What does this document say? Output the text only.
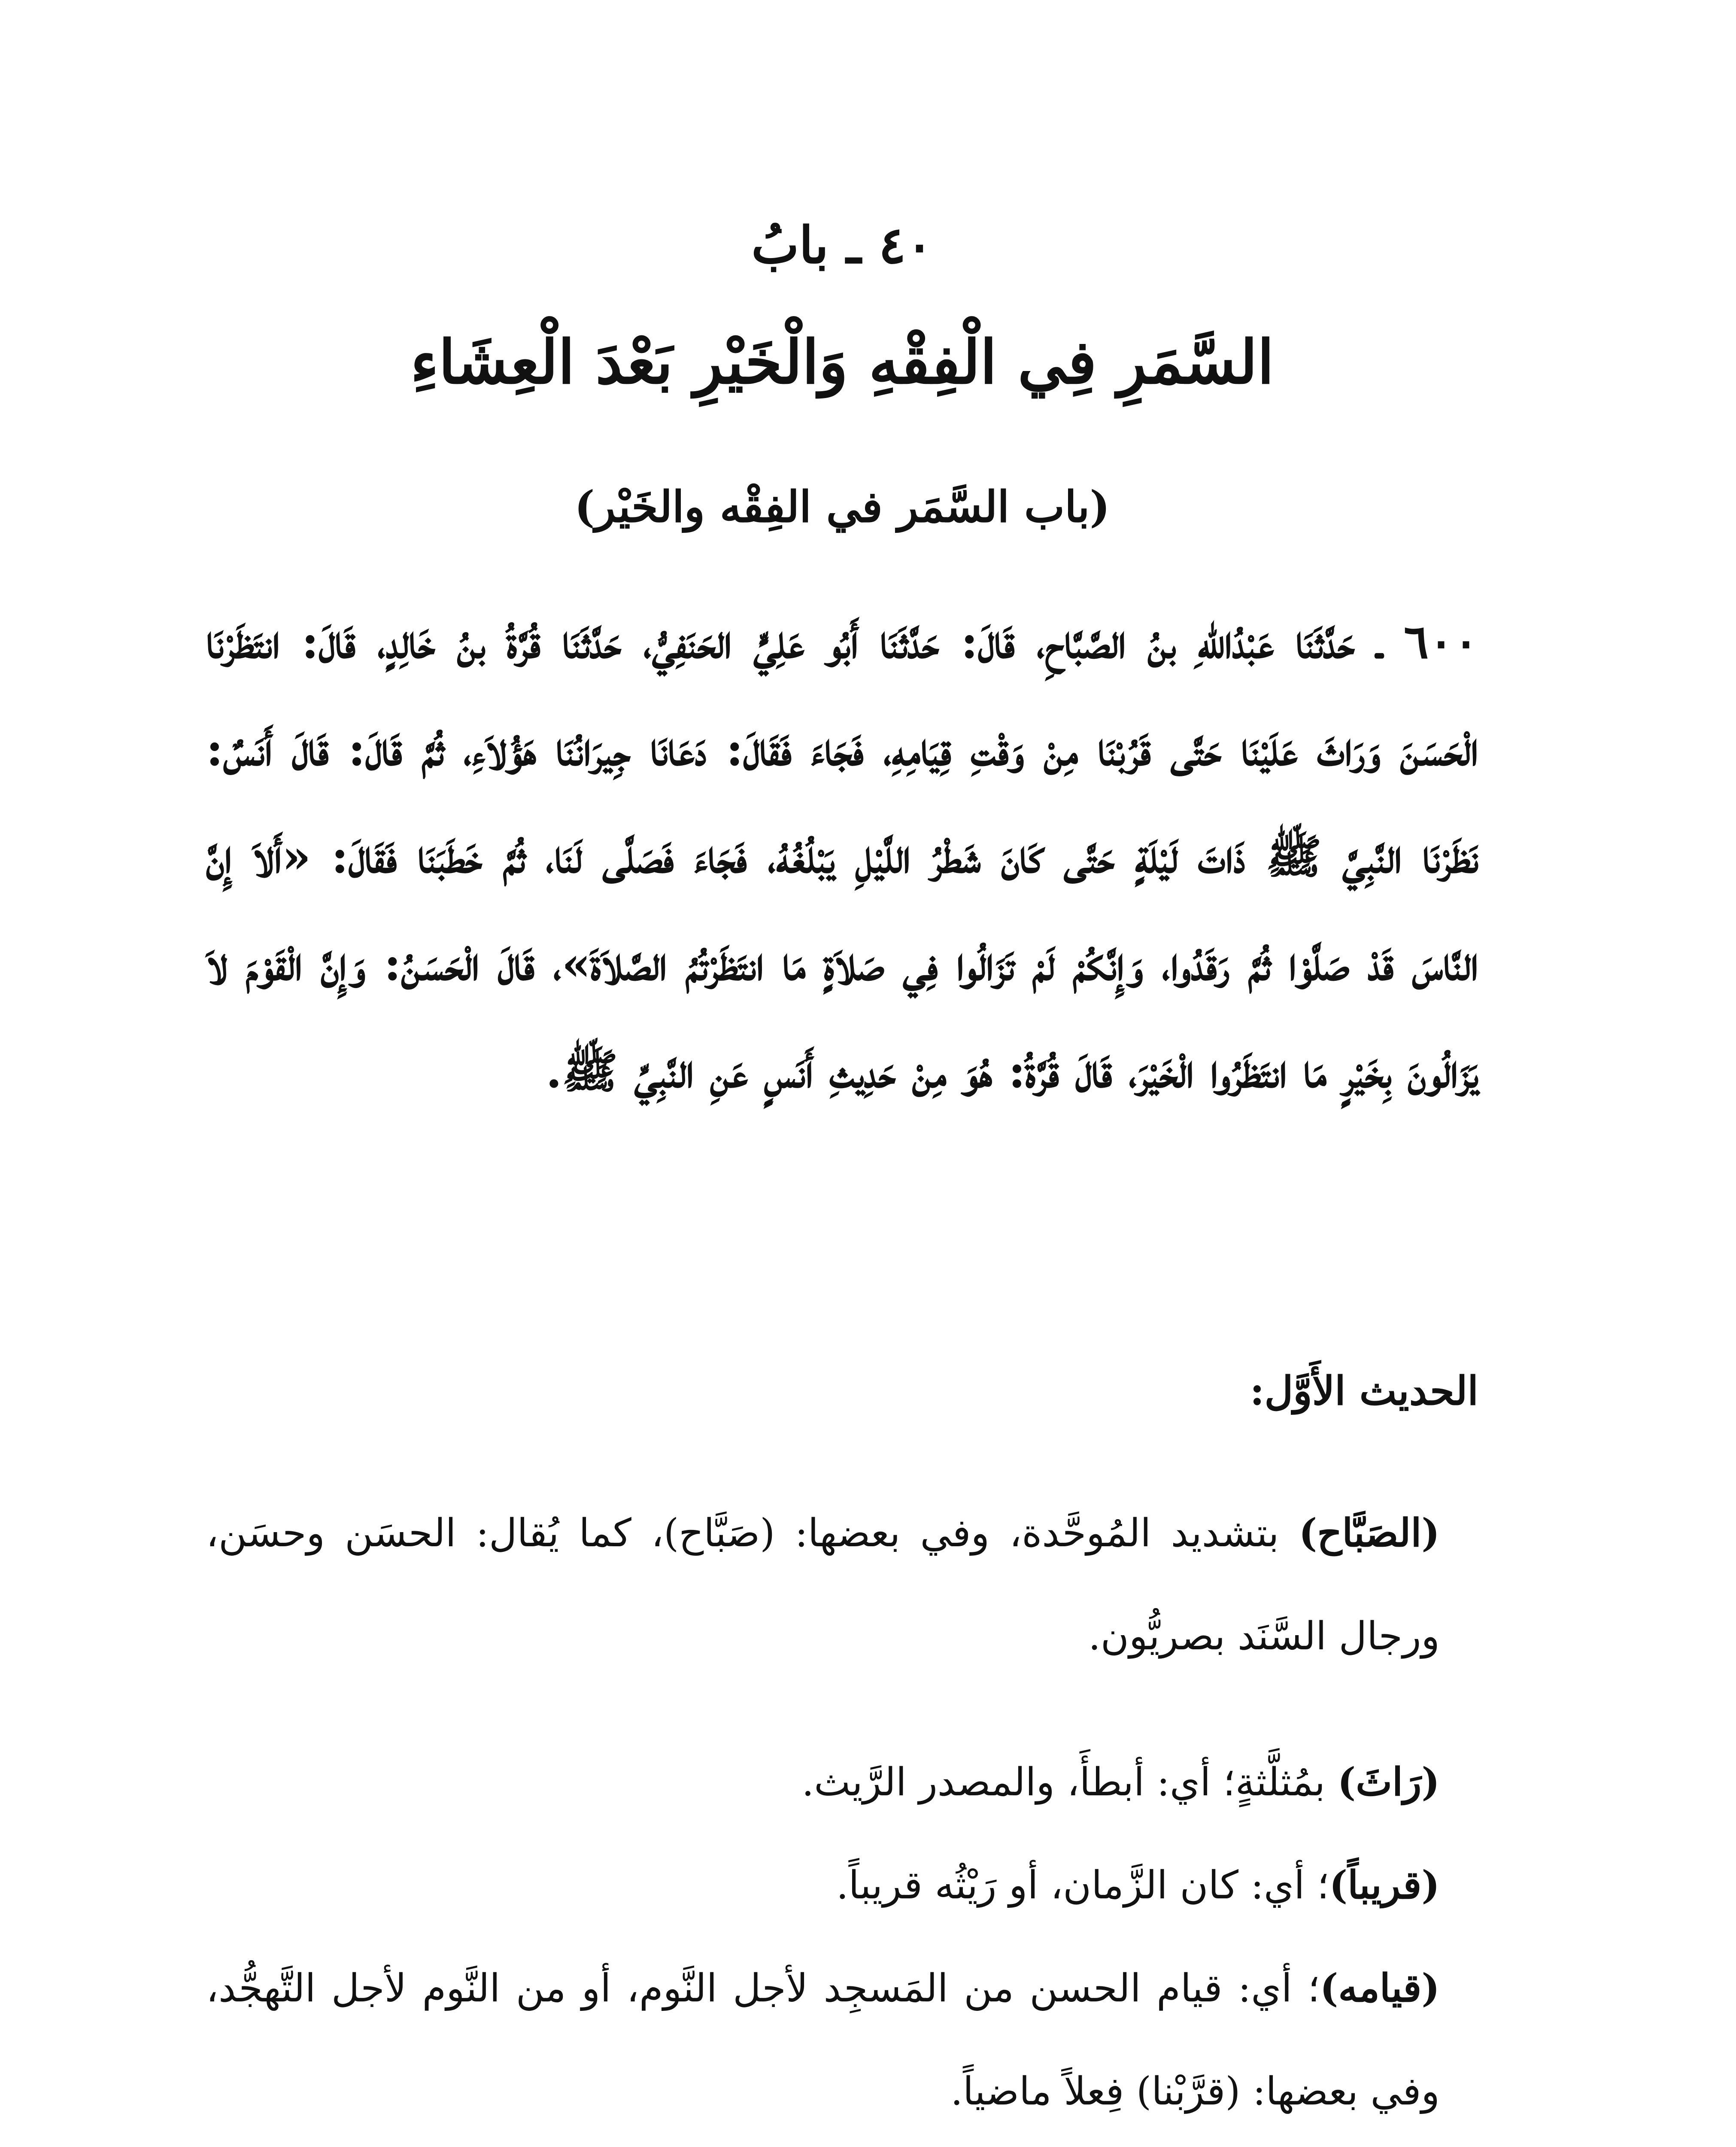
٤٠ ـ بابُ
السَّمَرِ فِي الْفِقْهِ وَالْخَيْرِ بَعْدَ الْعِشَاءِ
(باب السَّمَر في الفِقْه والخَيْر)
٦٠٠ ـ حَدَّثَنَا عَبْدُاللهِ بنُ الصَّبَّاحِ، قَالَ: حَدَّثَنَا أَبُو عَلِيٍّ الحَنَفِيُّ، حَدَّثَنَا قُرَّةُ بنُ خَالِدٍ، قَالَ: انتَظَرْنَا الْحَسَنَ وَرَاثَ عَلَيْنَا حَتَّى قَرُبْنَا مِنْ وَقْتِ قِيَامِهِ، فَجَاءَ فَقَالَ: دَعَانَا جِيرَانُنَا هَؤُلاَءِ، ثُمَّ قَالَ: قَالَ أَنَسٌ: نَظَرْنَا النَّبِيَّ ﷺ ذَاتَ لَيْلَةٍ حَتَّى كَانَ شَطْرُ اللَّيْلِ يَبْلُغُهُ، فَجَاءَ فَصَلَّى لَنَا، ثُمَّ خَطَبَنَا فَقَالَ: «أَلاَ إِنَّ النَّاسَ قَدْ صَلَّوْا ثُمَّ رَقَدُوا، وَإِنَّكُمْ لَمْ تَزَالُوا فِي صَلاَةٍ مَا انتَظَرْتُمُ الصَّلاَةَ»، قَالَ الْحَسَنُ: وَإِنَّ الْقَوْمَ لاَ يَزَالُونَ بِخَيْرٍ مَا انتَظَرُوا الْخَيْرَ، قَالَ قُرَّةُ: هُوَ مِنْ حَدِيثِ أَنَسٍ عَنِ النَّبِيِّ ﷺ.
الحديث الأَوَّل:
(الصَبَّاح) بتشديد المُوحَّدة، وفي بعضها: (صَبَّاح)، كما يُقال: الحسَن وحسَن، ورجال السَّنَد بصريُّون.
(رَاثَ) بمُثلَّثةٍ؛ أي: أبطأَ، والمصدر الرَّيث.
(قريباً)؛ أي: كان الزَّمان، أو رَيْثُه قريباً.
(قيامه)؛ أي: قيام الحسن من المَسجِد لأجل النَّوم، أو من النَّوم لأجل التَّهجُّد، وفي بعضها: (قرَّبْنا) فِعلاً ماضياً.
